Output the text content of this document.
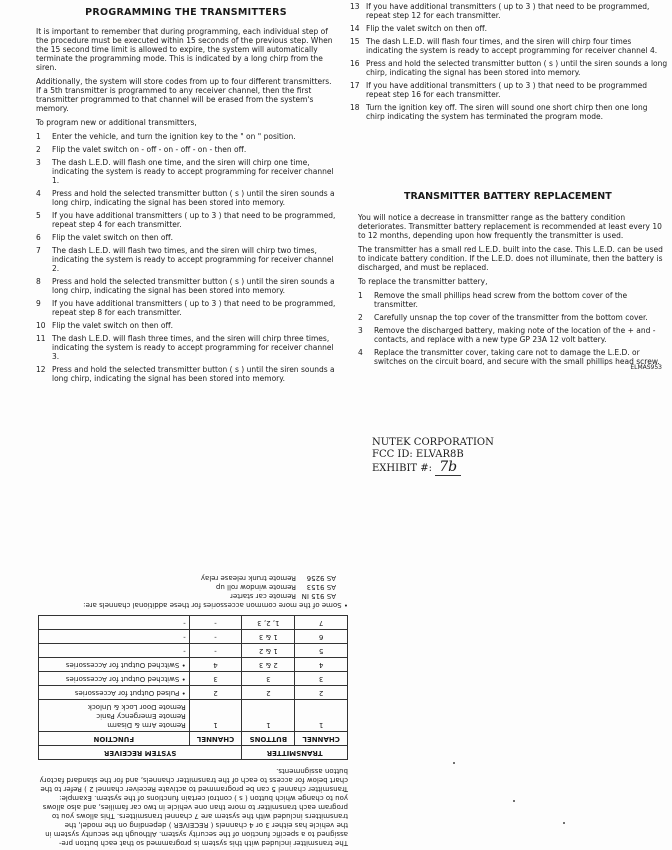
PROGRAMMING THE TRANSMITTERS

It is important to remember that during programming, each individual step of the procedure must be executed within 15 seconds of the previous step. When the 15 second time limit is allowed to expire, the system will automatically terminate the programming mode. This is indicated by a long chirp from the siren.

Additionally, the system will store codes from up to four different transmitters. If a 5th transmitter is programmed to any receiver channel, then the first transmitter programmed to that channel will be erased from the system's memory.

To program new or additional transmitters,

1	Enter the vehicle, and turn the ignition key to the " on " position.
2	Flip the valet switch on - off - on - off - on - then off.
3	The dash L.E.D. will flash one time, and the siren will chirp one time, indicating the system is ready to accept programming for receiver channel 1.
4	Press and hold the selected transmitter button ( s ) until the siren sounds a long chirp, indicating the signal has been stored into memory.
5	If you have additional transmitters ( up to 3 ) that need to be programmed, repeat step 4 for each transmitter.
6	Flip the valet switch on then off.
7	The dash L.E.D. will flash two times, and the siren will chirp two times, indicating the system is ready to accept programming for receiver channel 2.
8	Press and hold the selected transmitter button ( s ) until the siren sounds a long chirp, indicating the signal has been stored into memory.
9	If you have additional transmitters ( up to 3 ) that need to be programmed, repeat step 8 for each transmitter.
10 Flip the valet switch on then off.
11 The dash L.E.D. will flash three times, and the siren will chirp three times, indicating the system is ready to accept programming for receiver channel 3.
12 Press and hold the selected transmitter button ( s ) until the siren sounds a long chirp, indicating the signal has been stored into memory.
13 If you have additional transmitters ( up to 3 ) that need to be programmed, repeat step 12 for each transmitter.
14 Flip the valet switch on then off.
15 The dash L.E.D. will flash four times, and the siren will chirp four times indicating the system is ready to accept programming for receiver channel 4.
16 Press and hold the selected transmitter button ( s ) until the siren sounds a long chirp, indicating the signal has been stored into memory.
17 If you have additional transmitters ( up to 3 ) that need to be programmed repeat step 16 for each transmitter.
18 Turn the ignition key off. The siren will sound one short chirp then one long chirp indicating the system has terminated the program mode.
TRANSMITTER BATTERY REPLACEMENT

You will notice a decrease in transmitter range as the battery condition deteriorates. Transmitter battery replacement is recommended at least every 10 to 12 months, depending upon how frequently the transmitter is used.

The transmitter has a small red L.E.D. built into the case. This L.E.D. can be used to indicate battery condition. If the L.E.D. does not illuminate, then the battery is discharged, and must be replaced.

To replace the transmitter battery,

1	Remove the small phillips head screw from the bottom cover of the transmitter.
2	Carefully unsnap the top cover of the transmitter from the bottom cover.
3	Remove the discharged battery, making note of the location of the + and - contacts, and replace with a new type GP 23A 12 volt battery.
4	Replace the transmitter cover, taking care not to damage the L.E.D. or switches on the circuit board, and secure with the small phillips head screw.
ELMAS953
NUTEK CORPORATION
FCC ID: ELVAR8B
EXHIBIT #: 7b

The transmitter included with this system is programmed so that each button pre-assigned to a specific function of the security system. Although the security system in the vehicle has either 3 or 4 channels ( RECEIVER ) depending on the model, the transmitters included with the system are 7 channel transmitters. This allows you to program each transmitter to more than one vehicle in two car families, and also allows you to change which button ( s ) control certain functions of the system. Example: Transmitter channel 5 can be programmed to activate Receiver channel 2 ) Refer to the chart below for access to each of the transmitter channels, and for the standard factory button assignments.

TRANSMITTER		SYSTEM RECEIVER	
CHANNEL	BUTTONS	CHANNEL	FUNCTION
1	1	1	Remote Arm & Disarm
Remote Emergency Panic
Remote Door Lock & Unlock
2	2	2	• Pulsed Output for Accessories
3	3	3	• Switched Output for Accessories
4	2 & 3	4	• Switched Output for Accessories
5	1 & 2	-	-
6	1 & 3	-	-
7	1, 2, 3	-	-
• Some of the more common accessories for these additional channels are:
AS 915 IN
Remote car starter
AS 9153
Remote window roll up
AS 9256
Remote trunk release relay
